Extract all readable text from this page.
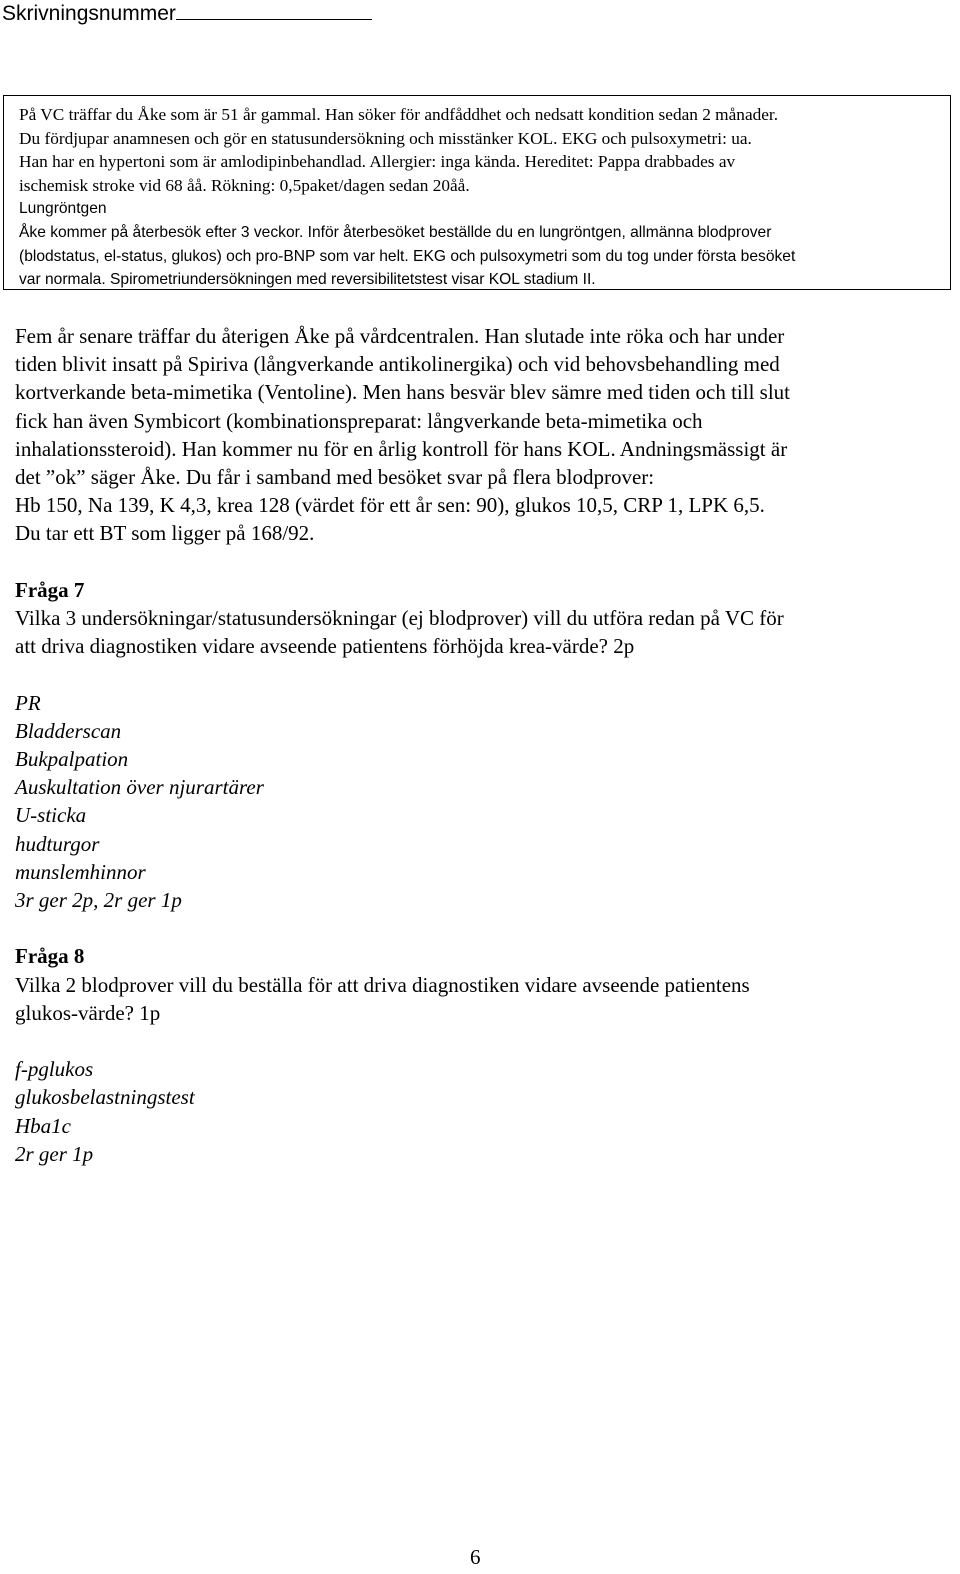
Skrivningsnummer

På VC träffar du Åke som är 51 år gammal. Han söker för andfåddhet och nedsatt kondition sedan 2 månader.

Du fördjupar anamnesen och gör en statusundersökning och misstänker KOL. EKG och pulsoxymetri: ua.

Han har en hypertoni som är amlodipinbehandlad. Allergier: inga kända. Hereditet: Pappa drabbades av

ischemisk stroke vid 68 åå. Rökning: 0,5paket/dagen sedan 20åå.

Lungröntgen

Åke kommer på återbesök efter 3 veckor. Inför återbesöket beställde du en lungröntgen, allmänna blodprover

(blodstatus, el-status, glukos) och pro-BNP som var helt. EKG och pulsoxymetri som du tog under första besöket

var normala. Spirometriundersökningen med reversibilitetstest visar KOL stadium II.

Fem år senare träffar du återigen Åke på vårdcentralen. Han slutade inte röka och har under

tiden blivit insatt på Spiriva (långverkande antikolinergika) och vid behovsbehandling med

kortverkande beta-mimetika (Ventoline). Men hans besvär blev sämre med tiden och till slut

fick han även Symbicort (kombinationspreparat: långverkande beta-mimetika och

inhalationssteroid). Han kommer nu för en årlig kontroll för hans KOL. Andningsmässigt är

det ”ok” säger Åke. Du får i samband med besöket svar på flera blodprover:

Hb 150, Na 139, K 4,3, krea 128 (värdet för ett år sen: 90), glukos 10,5, CRP 1, LPK 6,5.

Du tar ett BT som ligger på 168/92.

Fråga 7

Vilka 3 undersökningar/statusundersökningar (ej blodprover) vill du utföra redan på VC för

att driva diagnostiken vidare avseende patientens förhöjda krea-värde? 2p

PR

Bladderscan

Bukpalpation

Auskultation över njurartärer

U-sticka

hudturgor

munslemhinnor

3r ger 2p, 2r ger 1p

Fråga 8

Vilka 2 blodprover vill du beställa för att driva diagnostiken vidare avseende patientens

glukos-värde? 1p

f-pglukos

glukosbelastningstest

Hba1c

2r ger 1p

6
